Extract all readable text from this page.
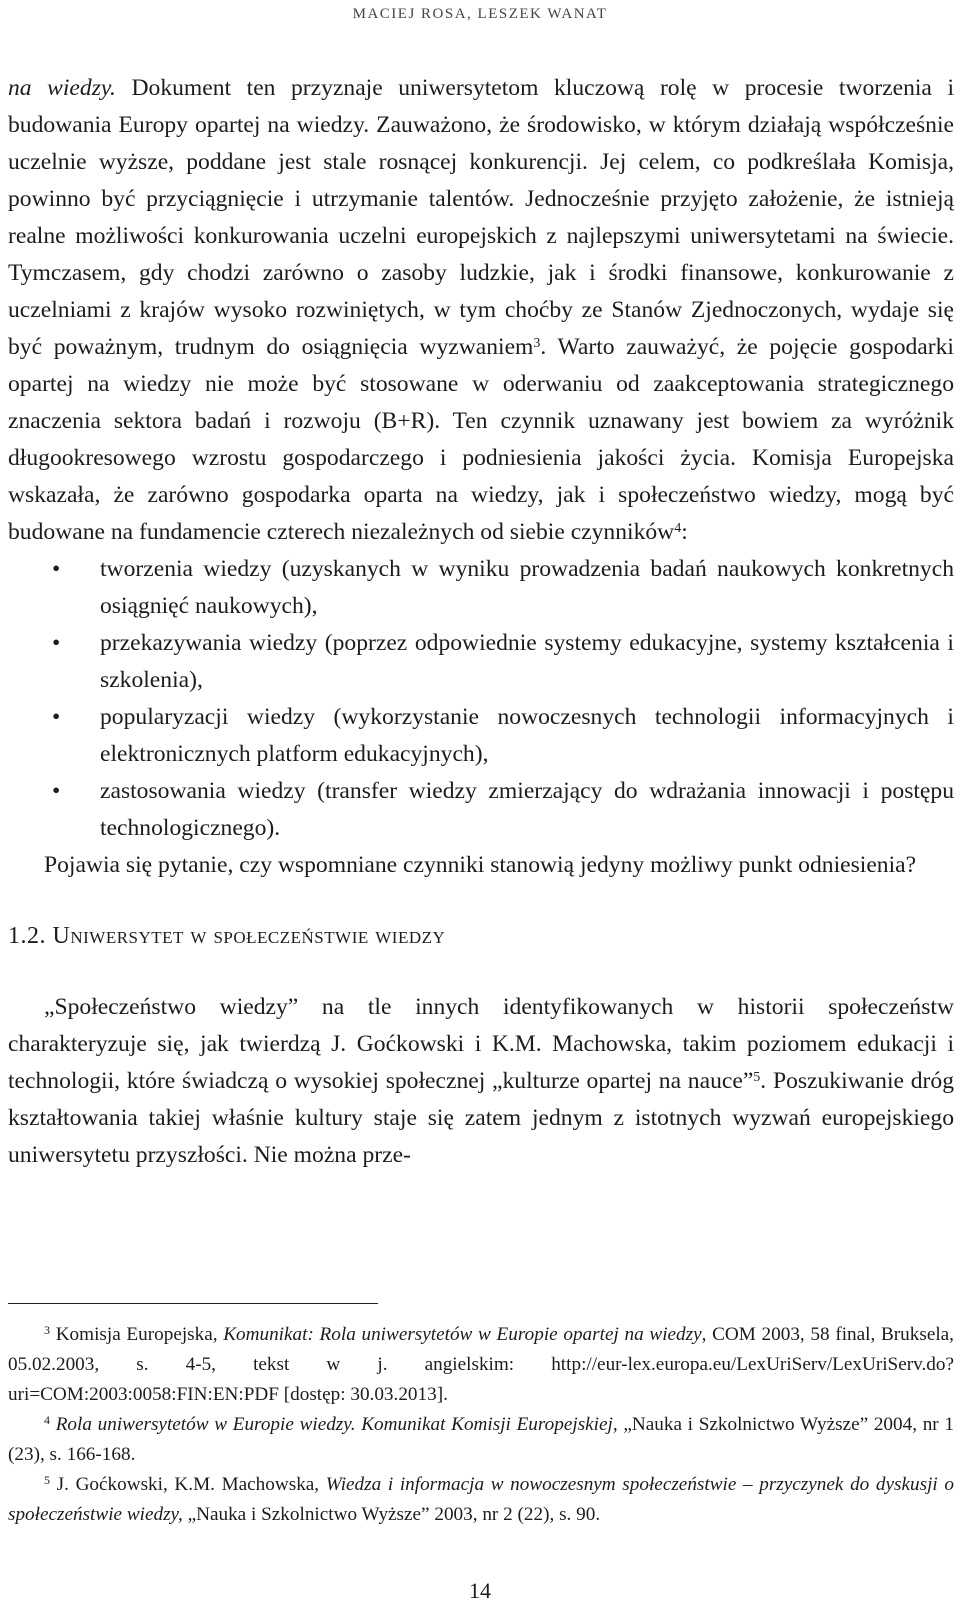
MACIEJ ROSA, LESZEK WANAT

na wiedzy. Dokument ten przyznaje uniwersytetom kluczową rolę w procesie tworzenia i budowania Europy opartej na wiedzy. Zauważono, że środowisko, w którym działają współcześnie uczelnie wyższe, poddane jest stale rosnącej konkurencji. Jej celem, co podkreślała Komisja, powinno być przyciągnięcie i utrzymanie talentów. Jednocześnie przyjęto założenie, że istnieją realne możliwości konkurowania uczelni europejskich z najlepszymi uniwersytetami na świecie. Tymczasem, gdy chodzi zarówno o zasoby ludzkie, jak i środki finansowe, konkurowanie z uczelniami z krajów wysoko rozwiniętych, w tym choćby ze Stanów Zjednoczonych, wydaje się być poważnym, trudnym do osiągnięcia wyzwaniem$^3$. Warto zauważyć, że pojęcie gospodarki opartej na wiedzy nie może być stosowane w oderwaniu od zaakceptowania strategicznego znaczenia sektora badań i rozwoju (B+R). Ten czynnik uznawany jest bowiem za wyróżnik długookresowego wzrostu gospodarczego i podniesienia jakości życia. Komisja Europejska wskazała, że zarówno gospodarka oparta na wiedzy, jak i społeczeństwo wiedzy, mogą być budowane na fundamencie czterech niezależnych od siebie czynników$^4$:

• tworzenia wiedzy (uzyskanych w wyniku prowadzenia badań naukowych konkretnych osiągnięć naukowych),
• przekazywania wiedzy (poprzez odpowiednie systemy edukacyjne, systemy kształcenia i szkolenia),
• popularyzacji wiedzy (wykorzystanie nowoczesnych technologii informacyjnych i elektronicznych platform edukacyjnych),
• zastosowania wiedzy (transfer wiedzy zmierzający do wdrażania innowacji i postępu technologicznego).

Pojawia się pytanie, czy wspomniane czynniki stanowią jedyny możliwy punkt odniesienia?

1.2. Uniwersytet w społeczeństwie wiedzy

„Społeczeństwo wiedzy” na tle innych identyfikowanych w historii społeczeństw charakteryzuje się, jak twierdzą J. Goćkowski i K.M. Machowska, takim poziomem edukacji i technologii, które świadczą o wysokiej społecznej „kulturze opartej na nauce”$^5$. Poszukiwanie dróg kształtowania takiej właśnie kultury staje się zatem jednym z istotnych wyzwań europejskiego uniwersytetu przyszłości. Nie można prze-

$^3$ Komisja Europejska, Komunikat: Rola uniwersytetów w Europie opartej na wiedzy, COM 2003, 58 final, Bruksela, 05.02.2003, s. 4-5, tekst w j. angielskim: http://eur-lex.europa.eu/LexUriServ/LexUriServ.do?uri=COM:2003:0058:FIN:EN:PDF [dostęp: 30.03.2013].

$^4$ Rola uniwersytetów w Europie wiedzy. Komunikat Komisji Europejskiej, „Nauka i Szkolnictwo Wyższe” 2004, nr 1 (23), s. 166-168.

$^5$ J. Goćkowski, K.M. Machowska, Wiedza i informacja w nowoczesnym społeczeństwie – przyczynek do dyskusji o społeczeństwie wiedzy, „Nauka i Szkolnictwo Wyższe” 2003, nr 2 (22), s. 90.

14
